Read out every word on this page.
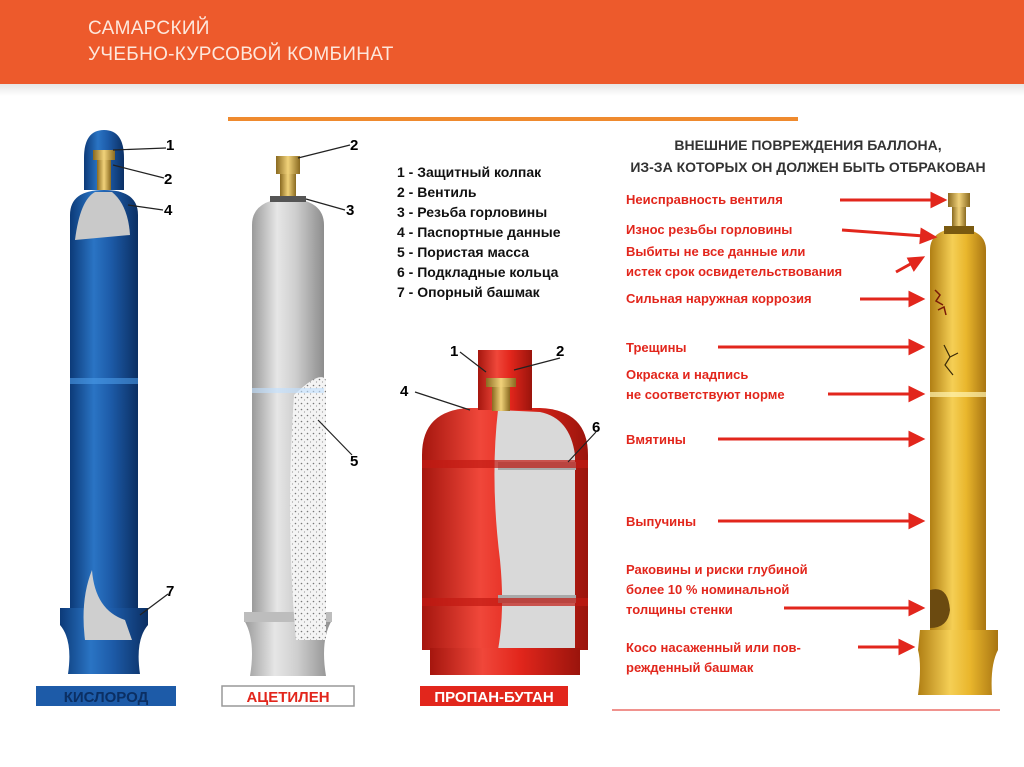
САМАРСКИЙ
УЧЕБНО-КУРСОВОЙ КОМБИНАТ
КИСЛОРОД
1
2
4
7
АЦЕТИЛЕН
2
3
5
ПРОПАН-БУТАН
1	2
4
6
1 - Защитный колпак
2 - Вентиль
3 - Резьба горловины
4 - Паспортные данные
5 - Пористая масса
6 - Подкладные кольца
7 - Опорный башмак
ВНЕШНИЕ ПОВРЕЖДЕНИЯ БАЛЛОНА,
ИЗ-ЗА КОТОРЫХ ОН ДОЛЖЕН БЫТЬ ОТБРАКОВАН
Неисправность вентиля
Износ резьбы горловины
Выбиты не все данные или
истек срок освидетельствования
Сильная наружная коррозия
Трещины
Окраска и надпись
не соответствуют норме
Вмятины
Выпучины
Раковины и риски глубиной
более 10 % номинальной
толщины стенки
Косо насаженный или пов-
режденный башмак
